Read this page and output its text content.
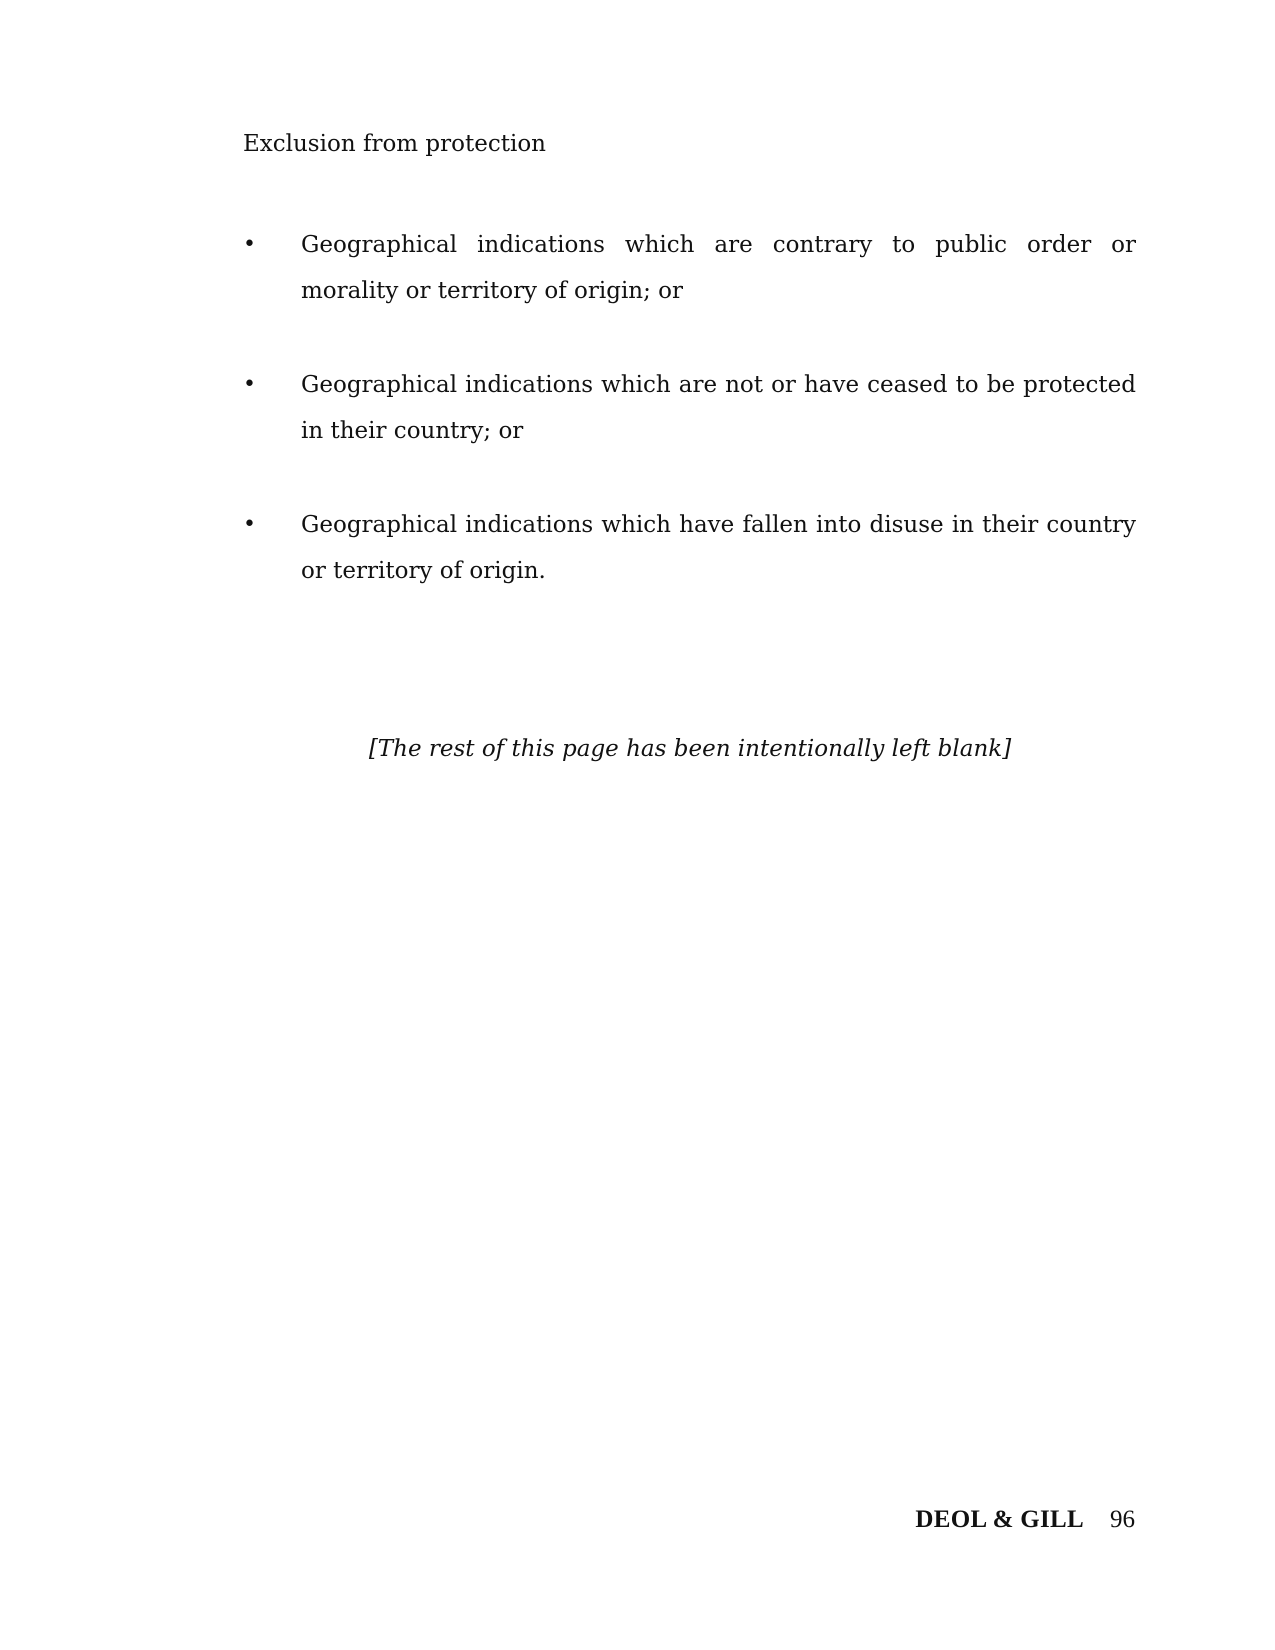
Exclusion from protection
•	Geographical indications which are contrary to public order or morality or territory of origin; or
•	Geographical indications which are not or have ceased to be protected in their country; or
•	Geographical indications which have fallen into disuse in their country or territory of origin.
[The rest of this page has been intentionally left blank]
DEOL & GILL 96
